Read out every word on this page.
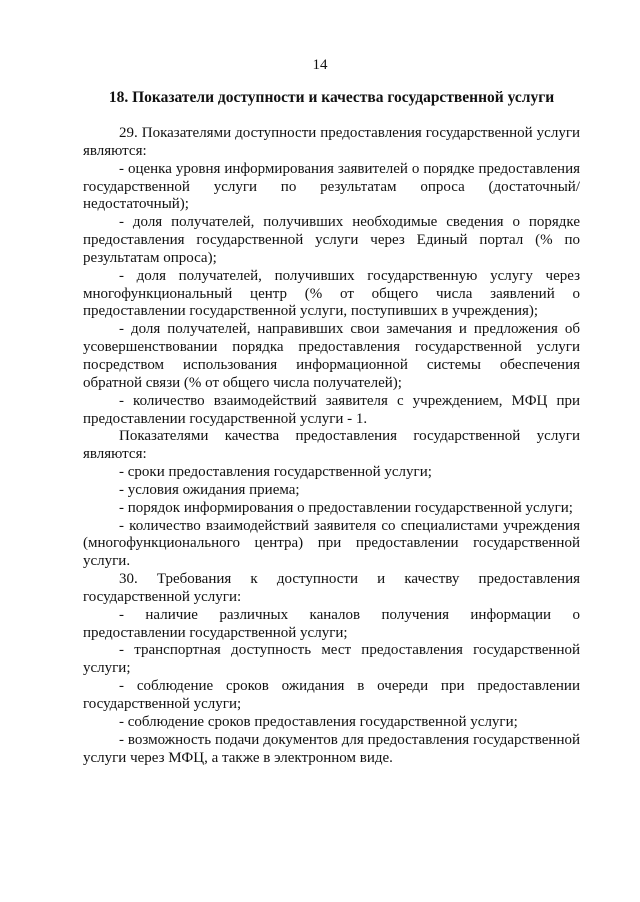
14
18. Показатели доступности и качества государственной услуги

29. Показателями доступности предоставления государственной услуги являются:

- оценка уровня информирования заявителей о порядке предоставления государственной услуги по результатам опроса (достаточный/недостаточный);

- доля получателей, получивших необходимые сведения о порядке предоставления государственной услуги через Единый портал (% по результатам опроса);

- доля получателей, получивших государственную услугу через многофункциональный центр (% от общего числа заявлений о предоставлении государственной услуги, поступивших в учреждения);

- доля получателей, направивших свои замечания и предложения об усовершенствовании порядка предоставления государственной услуги посредством использования информационной системы обеспечения обратной связи (% от общего числа получателей);

- количество взаимодействий заявителя с учреждением, МФЦ при предоставлении государственной услуги - 1.

Показателями качества предоставления государственной услуги являются:

- сроки предоставления государственной услуги;

- условия ожидания приема;

- порядок информирования о предоставлении государственной услуги;

- количество взаимодействий заявителя со специалистами учреждения (многофункционального центра) при предоставлении государственной услуги.

30. Требования к доступности и качеству предоставления государственной услуги:

- наличие различных каналов получения информации о предоставлении государственной услуги;

- транспортная доступность мест предоставления государственной услуги;

- соблюдение сроков ожидания в очереди при предоставлении государственной услуги;

- соблюдение сроков предоставления государственной услуги;

- возможность подачи документов для предоставления государственной услуги через МФЦ, а также в электронном виде.
